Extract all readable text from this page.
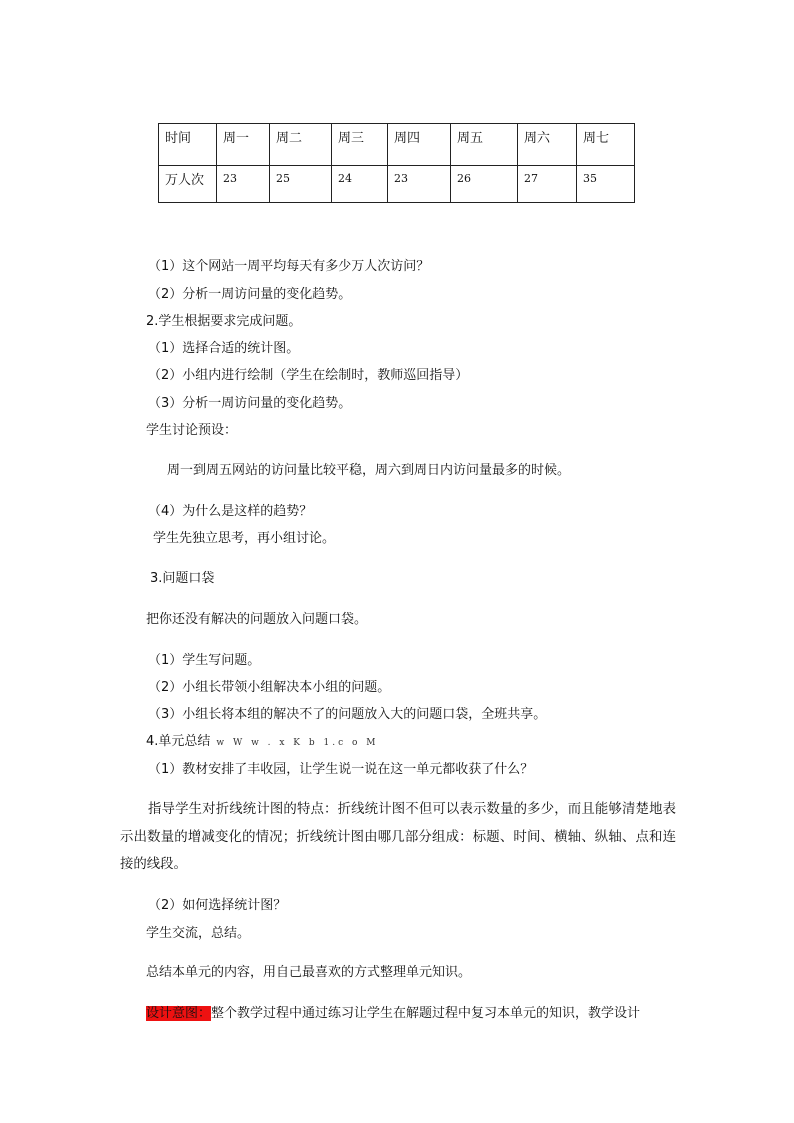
时间	周一	周二	周三	周四	周五	周六	周七
万人次	23	25	24	23	26	27	35
（1）这个网站一周平均每天有多少万人次访问？
（2）分析一周访问量的变化趋势。
2.学生根据要求完成问题。
（1）选择合适的统计图。
（2）小组内进行绘制（学生在绘制时，教师巡回指导）
（3）分析一周访问量的变化趋势。
学生讨论预设：
周一到周五网站的访问量比较平稳，周六到周日内访问量最多的时候。
（4）为什么是这样的趋势？
学生先独立思考，再小组讨论。
3.问题口袋
把你还没有解决的问题放入问题口袋。
（1）学生写问题。
（2）小组长带领小组解决本小组的问题。
（3）小组长将本组的解决不了的问题放入大的问题口袋，全班共享。
4.单元总结 w W w . x K b 1.c o M
（1）教材安排了丰收园，让学生说一说在这一单元都收获了什么？
指导学生对折线统计图的特点：折线统计图不但可以表示数量的多少，而且能够清楚地表示出数量的增减变化的情况；折线统计图由哪几部分组成：标题、时间、横轴、纵轴、点和连接的线段。
（2）如何选择统计图？
学生交流，总结。
总结本单元的内容，用自己最喜欢的方式整理单元知识。
设计意图：整个教学过程中通过练习让学生在解题过程中复习本单元的知识，教学设计
